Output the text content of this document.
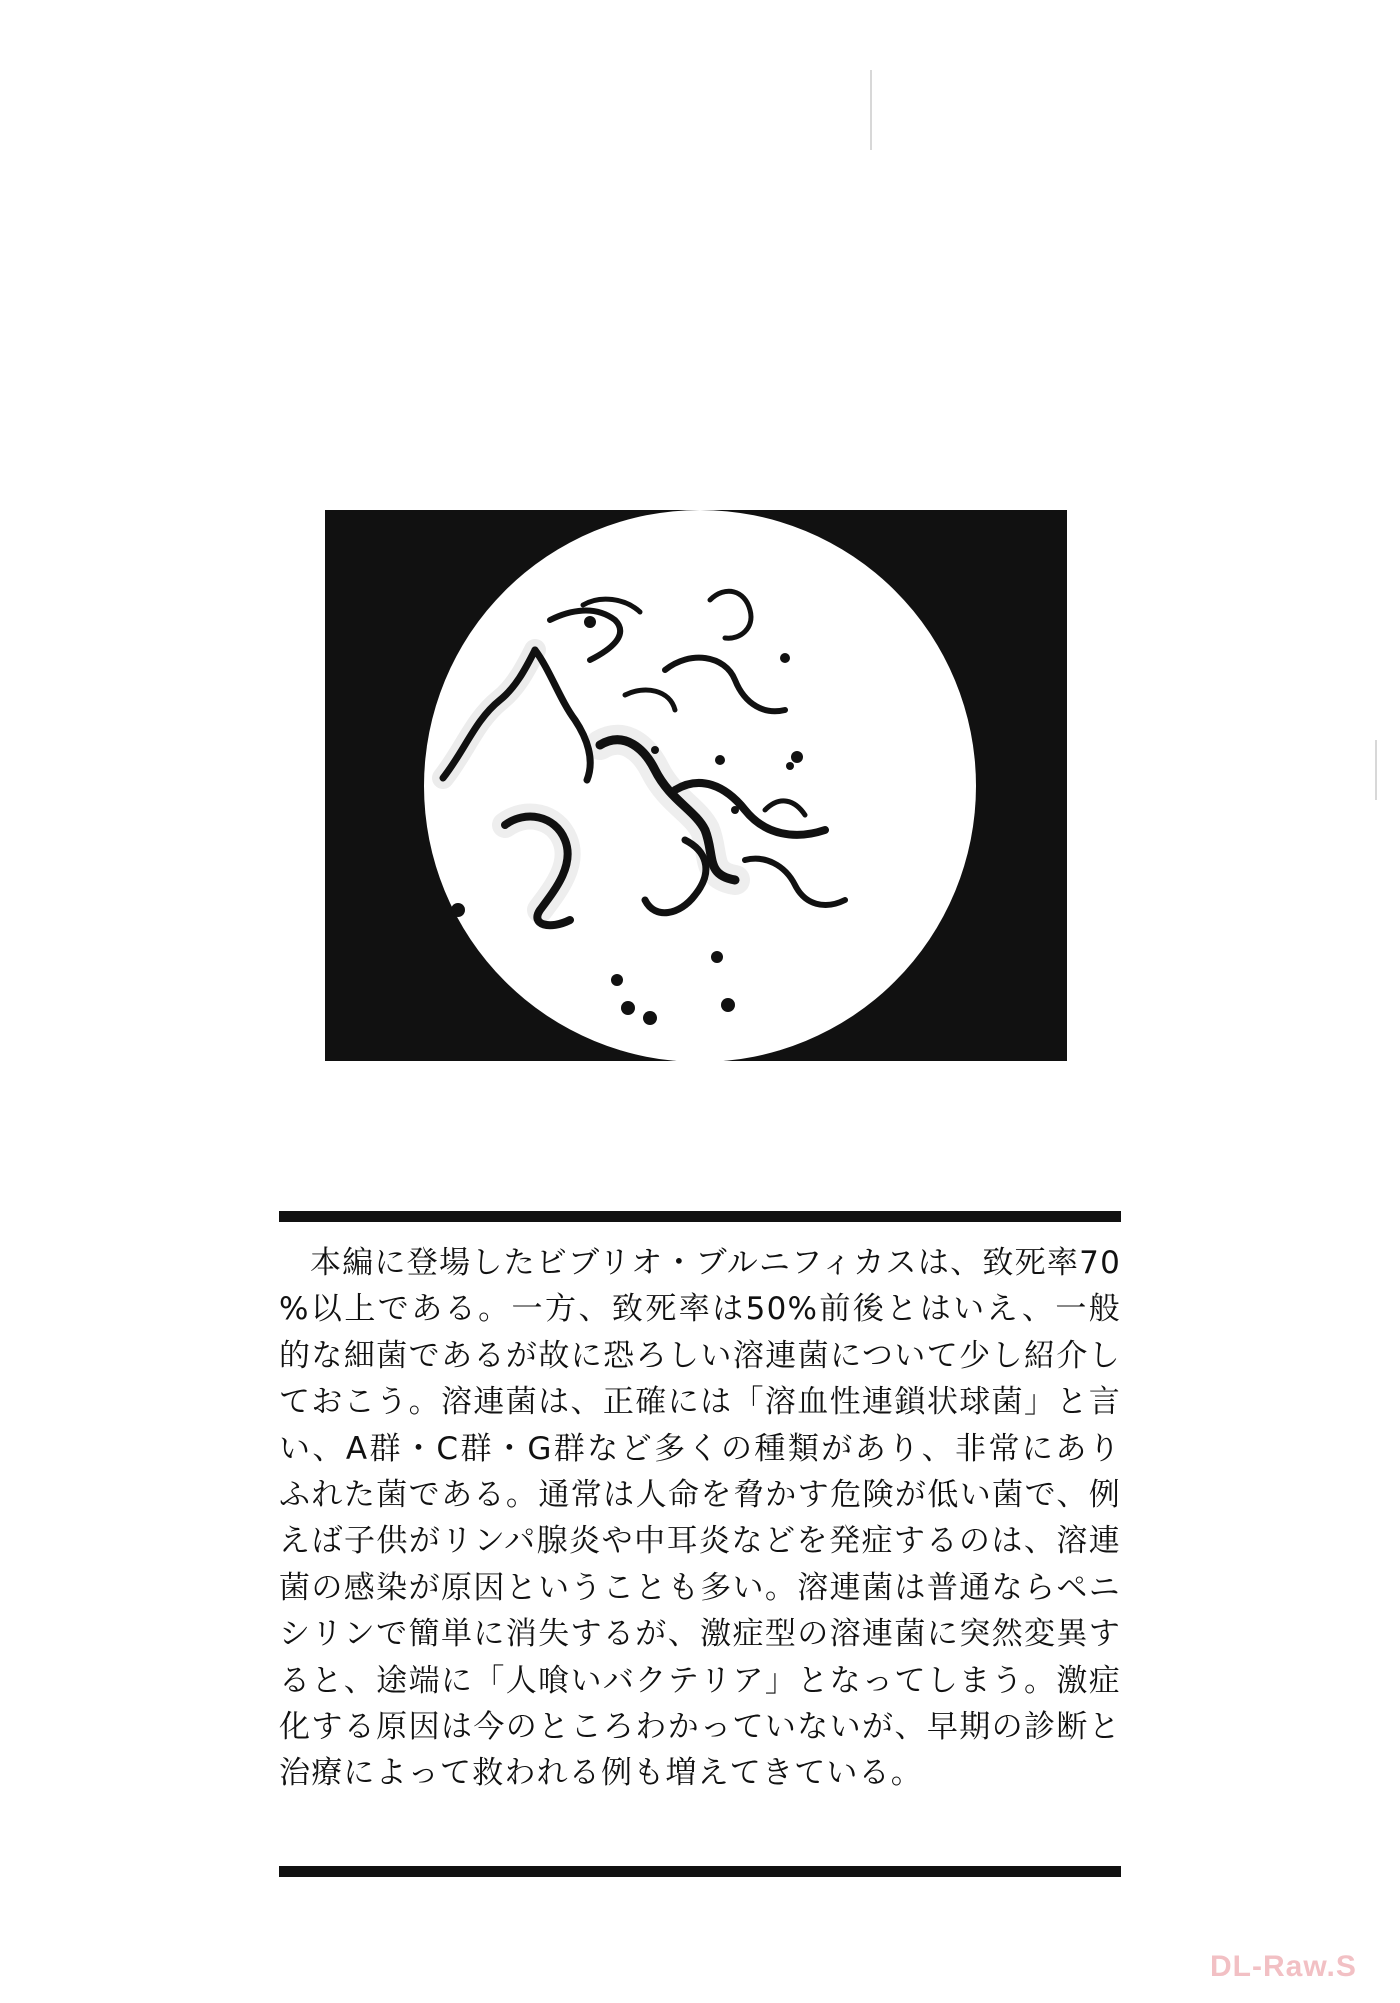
本編に登場したビブリオ・ブルニフィカスは、致死率70%以上である。一方、致死率は50%前後とはいえ、一般的な細菌であるが故に恐ろしい溶連菌について少し紹介しておこう。溶連菌は、正確には「溶血性連鎖状球菌」と言い、A群・C群・G群など多くの種類があり、非常にありふれた菌である。通常は人命を脅かす危険が低い菌で、例えば子供がリンパ腺炎や中耳炎などを発症するのは、溶連菌の感染が原因ということも多い。溶連菌は普通ならペニシリンで簡単に消失するが、激症型の溶連菌に突然変異すると、途端に「人喰いバクテリア」となってしまう。激症化する原因は今のところわかっていないが、早期の診断と治療によって救われる例も増えてきている。

DL-Raw.S
